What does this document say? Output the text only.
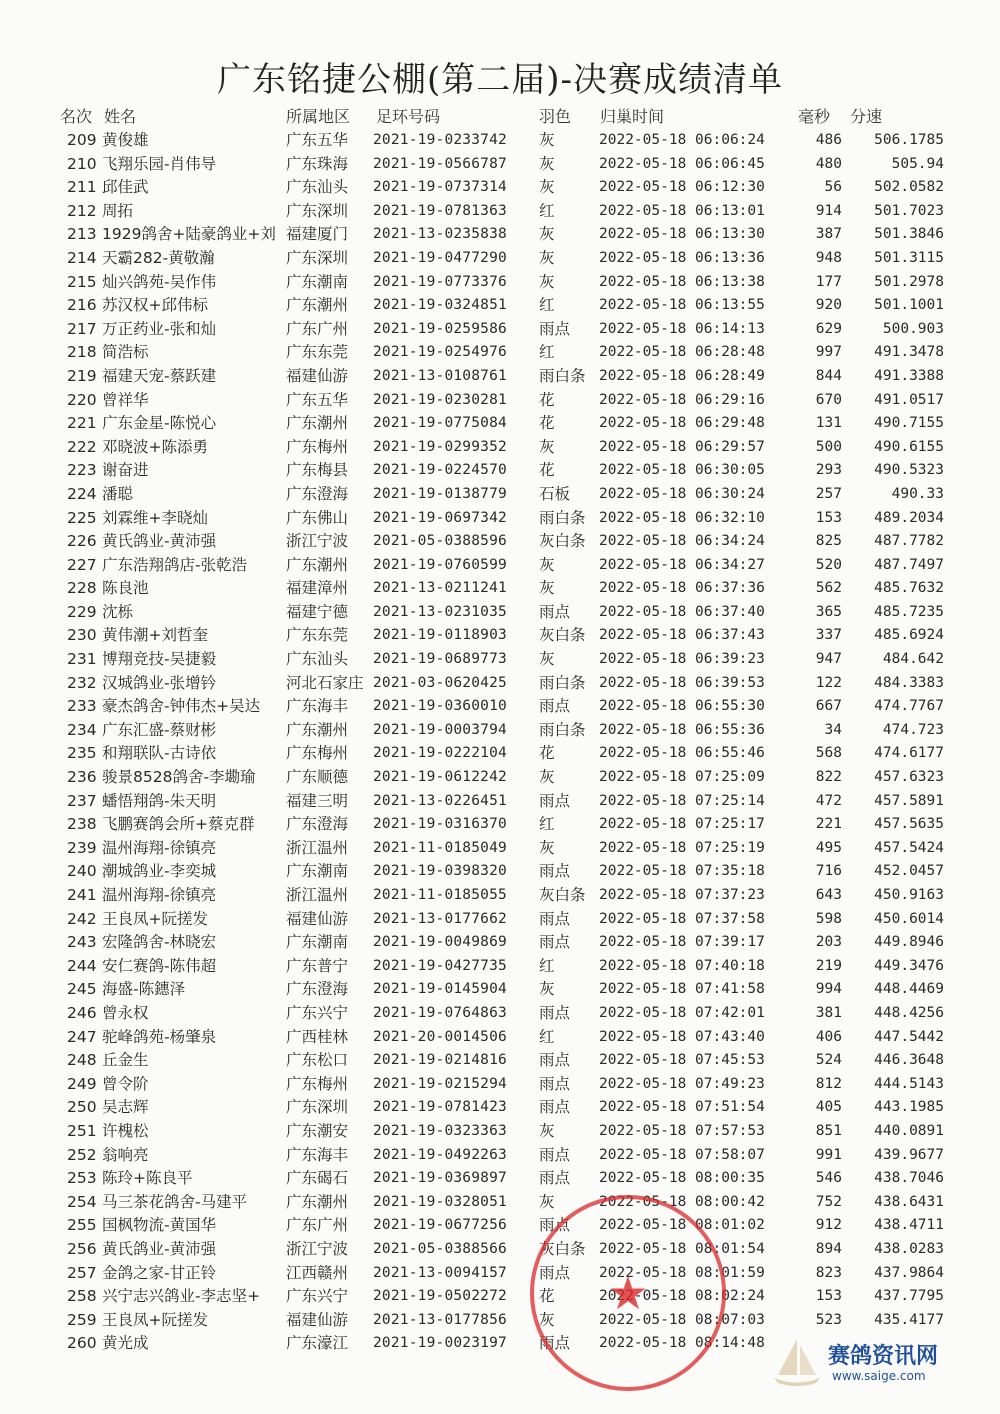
广东铭捷公棚(第二届)-决赛成绩清单
名次 姓名	所属地区 足环号码	羽色 归巢时间	毫秒 分速
209 黄俊雄	广东五华	2021-19-0233742	灰	2022-05-18 06:06:24	486	506.1785
210 飞翔乐园-肖伟导	广东珠海	2021-19-0566787	灰	2022-05-18 06:06:45	480	505.94
211 邱佳武	广东汕头	2021-19-0737314	灰	2022-05-18 06:12:30	56	502.0582
212 周拓	广东深圳	2021-19-0781363	红	2022-05-18 06:13:01	914	501.7023
213 1929鸽舍+陆豪鸽业+刘 福建厦门	2021-13-0235838	灰	2022-05-18 06:13:30	387	501.3846
214 天霸282-黄敬瀚	广东深圳	2021-19-0477290	灰	2022-05-18 06:13:36	948	501.3115
215 灿兴鸽苑-吴作伟	广东潮南	2021-19-0773376	灰	2022-05-18 06:13:38	177	501.2978
216 苏汉权+邱伟标	广东潮州	2021-19-0324851	红	2022-05-18 06:13:55	920	501.1001
217 万正药业-张和灿	广东广州	2021-19-0259586	雨点	2022-05-18 06:14:13	629	500.903
218 简浩标	广东东莞	2021-19-0254976	红	2022-05-18 06:28:48	997	491.3478
219 福建天宠-蔡跃建	福建仙游	2021-13-0108761	雨白条 2022-05-18 06:28:49	844	491.3388
220 曾祥华	广东五华	2021-19-0230281	花	2022-05-18 06:29:16	670	491.0517
221 广东金星-陈悦心	广东潮州	2021-19-0775084	花	2022-05-18 06:29:48	131	490.7155
222 邓晓波+陈添勇	广东梅州	2021-19-0299352	灰	2022-05-18 06:29:57	500	490.6155
223 谢奋进	广东梅县	2021-19-0224570	花	2022-05-18 06:30:05	293	490.5323
224 潘聪	广东澄海	2021-19-0138779	石板	2022-05-18 06:30:24	257	490.33
225 刘霖维+李晓灿	广东佛山	2021-19-0697342	雨白条 2022-05-18 06:32:10	153	489.2034
226 黄氏鸽业-黄沛强	浙江宁波	2021-05-0388596	灰白条 2022-05-18 06:34:24	825	487.7782
227 广东浩翔鸽店-张乾浩	广东潮州	2021-19-0760599	灰	2022-05-18 06:34:27	520	487.7497
228 陈良池	福建漳州	2021-13-0211241	灰	2022-05-18 06:37:36	562	485.7632
229 沈栎	福建宁德	2021-13-0231035	雨点	2022-05-18 06:37:40	365	485.7235
230 黄伟潮+刘哲奎	广东东莞	2021-19-0118903	灰白条 2022-05-18 06:37:43	337	485.6924
231 博翔竞技-吴捷毅	广东汕头	2021-19-0689773	灰	2022-05-18 06:39:23	947	484.642
232 汉城鸽业-张增钤	河北石家庄 2021-03-0620425	雨白条 2022-05-18 06:39:53	122	484.3383
233 豪杰鸽舍-钟伟杰+吴达	广东海丰	2021-19-0360010	雨点	2022-05-18 06:55:30	667	474.7767
234 广东汇盛-蔡财彬	广东潮州	2021-19-0003794	雨白条 2022-05-18 06:55:36	34	474.723
235 和翔联队-古诗依	广东梅州	2021-19-0222104	花	2022-05-18 06:55:46	568	474.6177
236 骏景8528鸽舍-李墈瑜	广东顺德	2021-19-0612242	灰	2022-05-18 07:25:09	822	457.6323
237 蟠悟翔鸽-朱天明	福建三明	2021-13-0226451	雨点	2022-05-18 07:25:14	472	457.5891
238 飞鹏赛鸽会所+蔡克群	广东澄海	2021-19-0316370	红	2022-05-18 07:25:17	221	457.5635
239 温州海翔-徐镇亮	浙江温州	2021-11-0185049	灰	2022-05-18 07:25:19	495	457.5424
240 潮城鸽业-李奕城	广东潮南	2021-19-0398320	雨点	2022-05-18 07:35:18	716	452.0457
241 温州海翔-徐镇亮	浙江温州	2021-11-0185055	灰白条 2022-05-18 07:37:23	643	450.9163
242 王良凤+阮搓发	福建仙游	2021-13-0177662	雨点	2022-05-18 07:37:58	598	450.6014
243 宏隆鸽舍-林晓宏	广东潮南	2021-19-0049869	雨点	2022-05-18 07:39:17	203	449.8946
244 安仁赛鸽-陈伟超	广东普宁	2021-19-0427735	红	2022-05-18 07:40:18	219	449.3476
245 海盛-陈鏸泽	广东澄海	2021-19-0145904	灰	2022-05-18 07:41:58	994	448.4469
246 曾永权	广东兴宁	2021-19-0764863	雨点	2022-05-18 07:42:01	381	448.4256
247 驼峰鸽苑-杨肇泉	广西桂林	2021-20-0014506	红	2022-05-18 07:43:40	406	447.5442
248 丘金生	广东松口	2021-19-0214816	雨点	2022-05-18 07:45:53	524	446.3648
249 曾令阶	广东梅州	2021-19-0215294	雨点	2022-05-18 07:49:23	812	444.5143
250 吴志辉	广东深圳	2021-19-0781423	雨点	2022-05-18 07:51:54	405	443.1985
251 许槐松	广东潮安	2021-19-0323363	灰	2022-05-18 07:57:53	851	440.0891
252 翁响亮	广东海丰	2021-19-0492263	雨点	2022-05-18 07:58:07	991	439.9677
253 陈玲+陈良平	广东碣石	2021-19-0369897	雨点	2022-05-18 08:00:35	546	438.7046
254 马三茶花鸽舍-马建平	广东潮州	2021-19-0328051	灰	2022-05-18 08:00:42	752	438.6431
255 国枫物流-黄国华	广东广州	2021-19-0677256	雨点	2022-05-18 08:01:02	912	438.4711
256 黄氏鸽业-黄沛强	浙江宁波	2021-05-0388566	灰白条 2022-05-18 08:01:54	894	438.0283
257 金鸽之家-甘正铃	江西赣州	2021-13-0094157	雨点	2022-05-18 08:01:59	823	437.9864
258 兴宁志兴鸽业-李志坚+	广东兴宁	2021-19-0502272	花	2022-05-18 08:02:24	153	437.7795
259 王良凤+阮搓发	福建仙游	2021-13-0177856	灰	2022-05-18 08:07:03	523	435.4177
260 黄光成	广东濠江	2021-19-0023197	雨点	2022-05-18 08:14:48
★
赛鸽资讯网
www.saige.com
